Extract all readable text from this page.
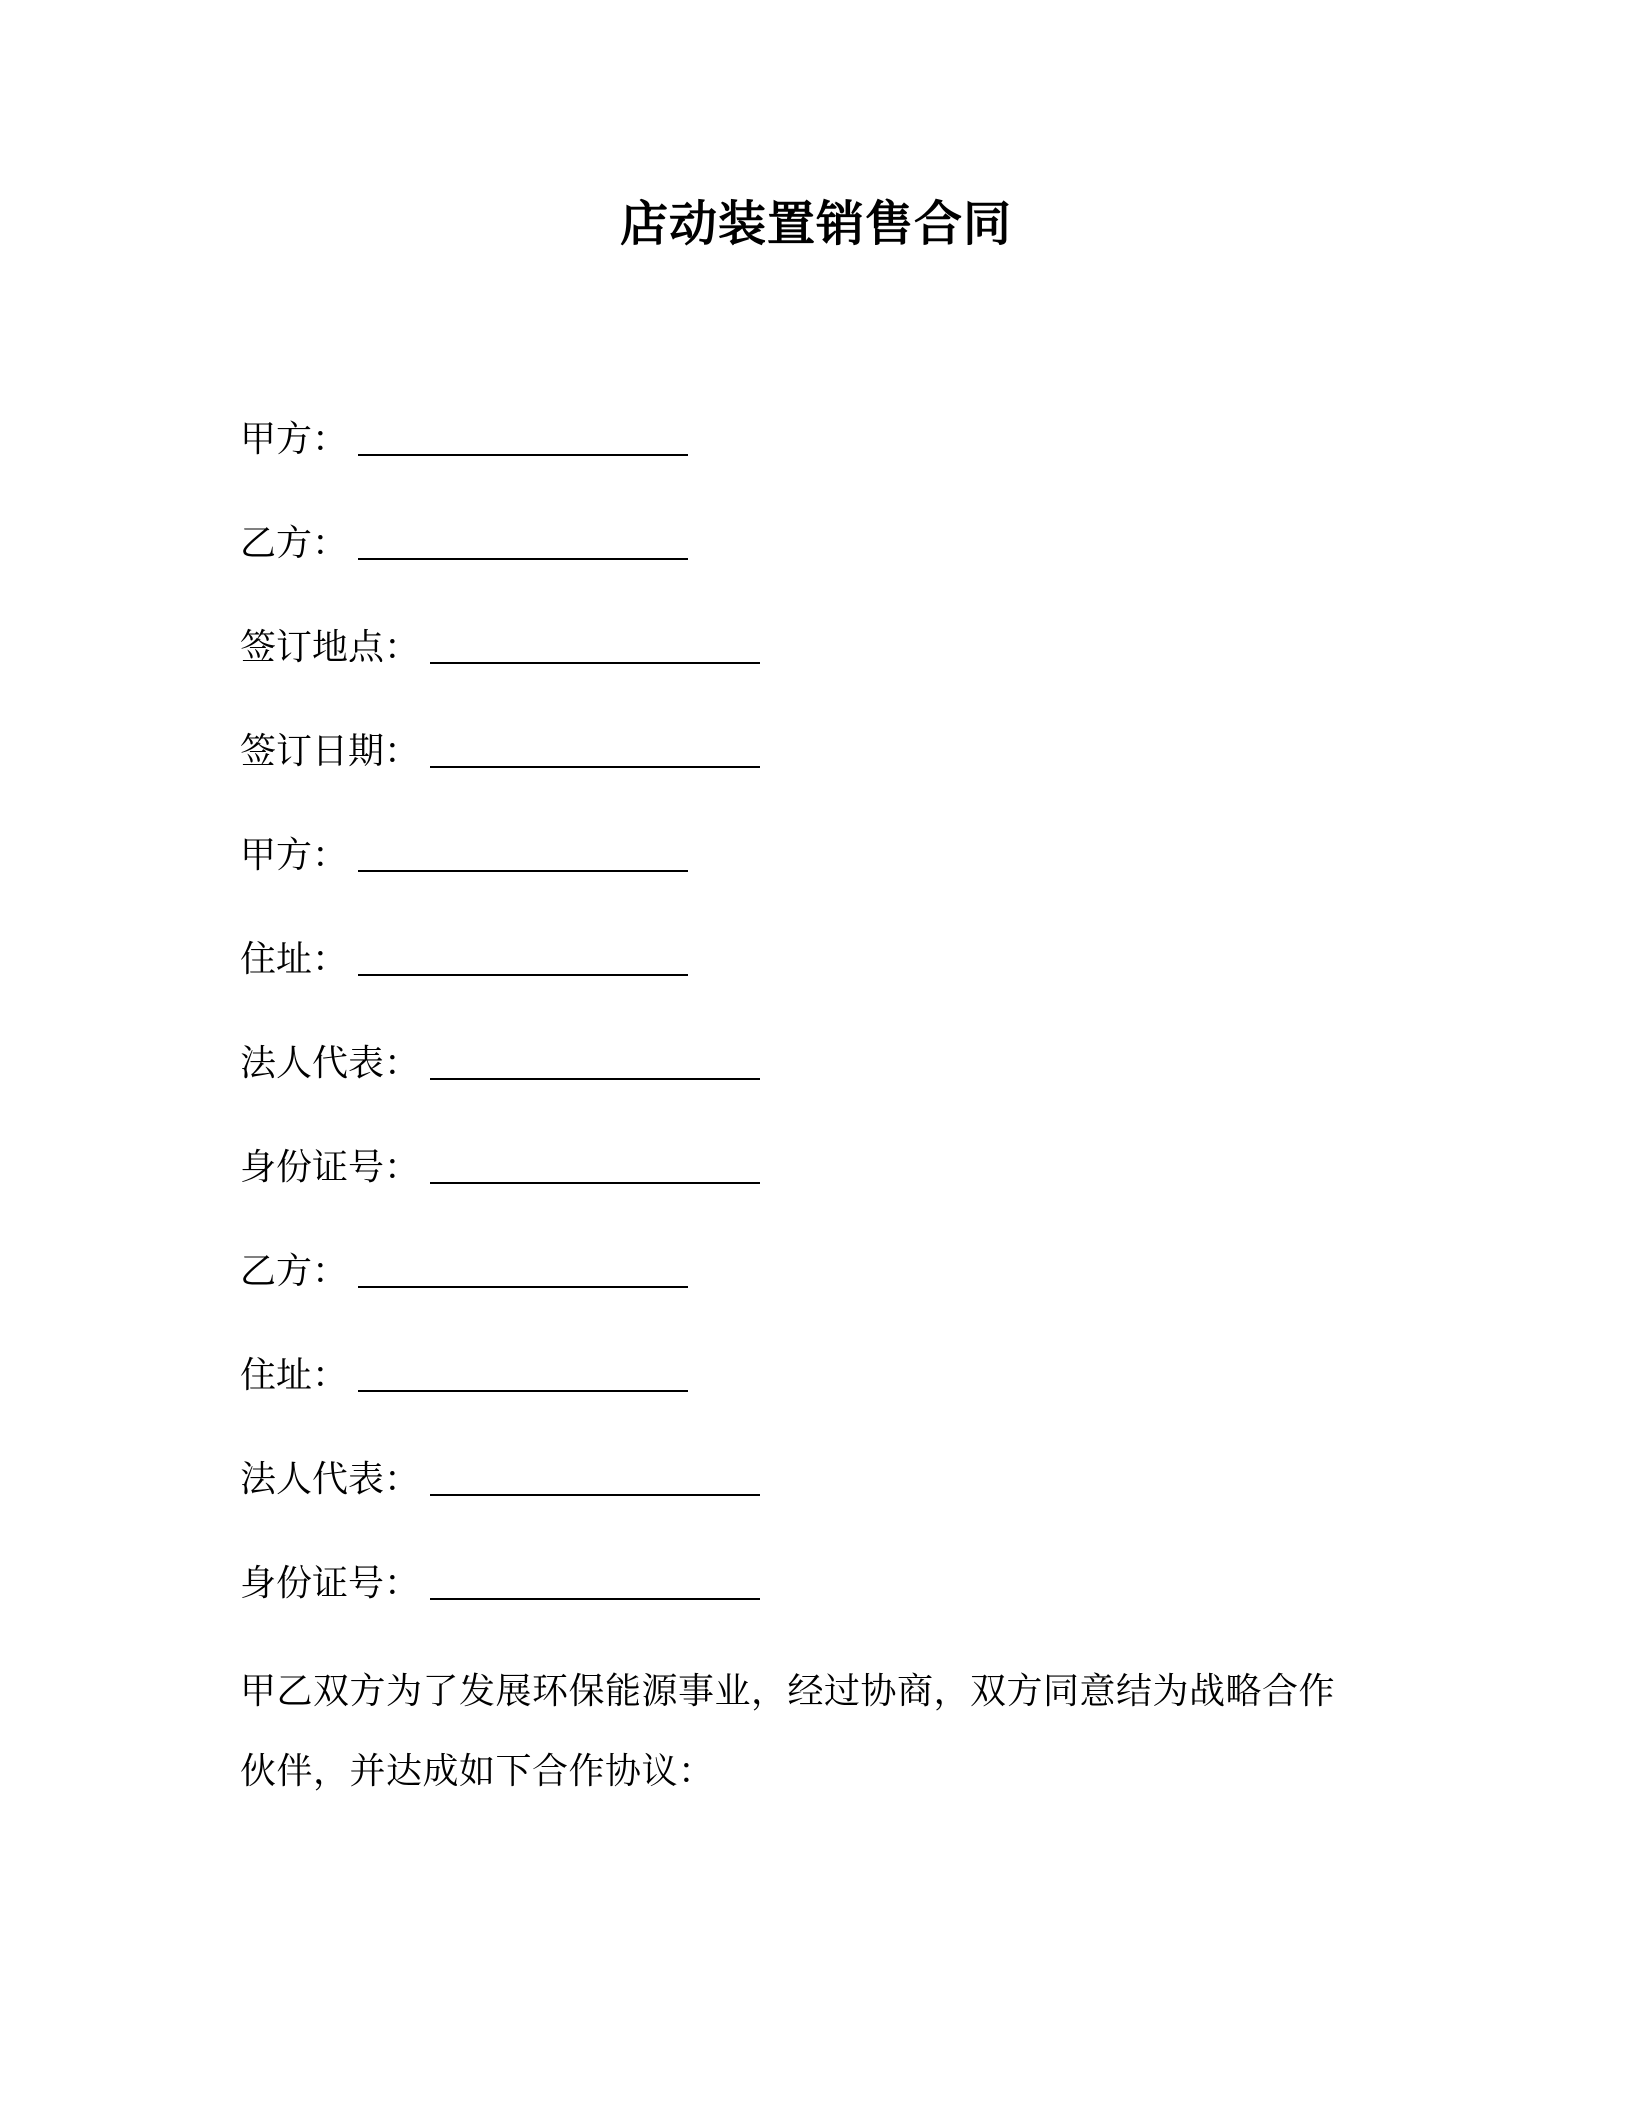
店动装置销售合同
甲方：
乙方：
签订地点：
签订日期：
甲方：
住址：
法人代表：
身份证号：
乙方：
住址：
法人代表：
身份证号：
甲乙双方为了发展环保能源事业，经过协商，双方同意结为战略合作
伙伴，并达成如下合作协议：
